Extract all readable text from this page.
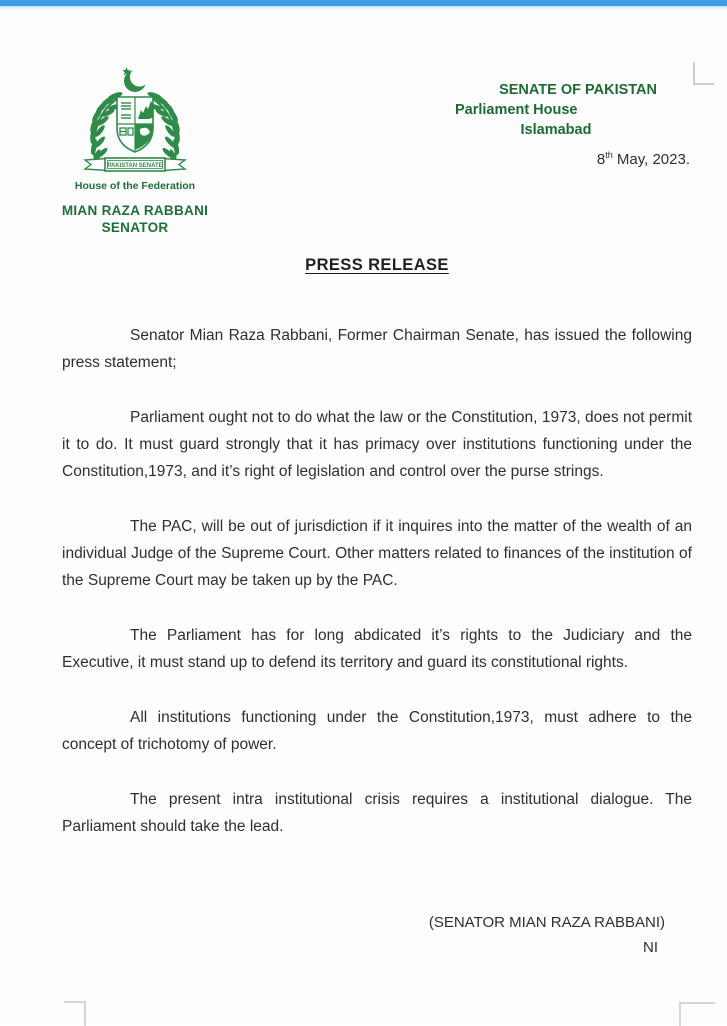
PAKISTAN SENATE
House of the Federation
MIAN RAZA RABBANI
SENATOR
SENATE OF PAKISTAN
Parliament House
Islamabad
8th May, 2023.
PRESS RELEASE

Senator Mian Raza Rabbani, Former Chairman Senate, has issued the following press statement;

Parliament ought not to do what the law or the Constitution, 1973, does not permit it to do. It must guard strongly that it has primacy over institutions functioning under the Constitution,1973, and it’s right of legislation and control over the purse strings.

The PAC, will be out of jurisdiction if it inquires into the matter of the wealth of an individual Judge of the Supreme Court. Other matters related to finances of the institution of the Supreme Court may be taken up by the PAC.

The Parliament has for long abdicated it’s rights to the Judiciary and the Executive, it must stand up to defend its territory and guard its constitutional rights.

All institutions functioning under the Constitution,1973, must adhere to the concept of trichotomy of power.

The present intra institutional crisis requires a institutional dialogue. The Parliament should take the lead.

(SENATOR MIAN RAZA RABBANI)
NI
